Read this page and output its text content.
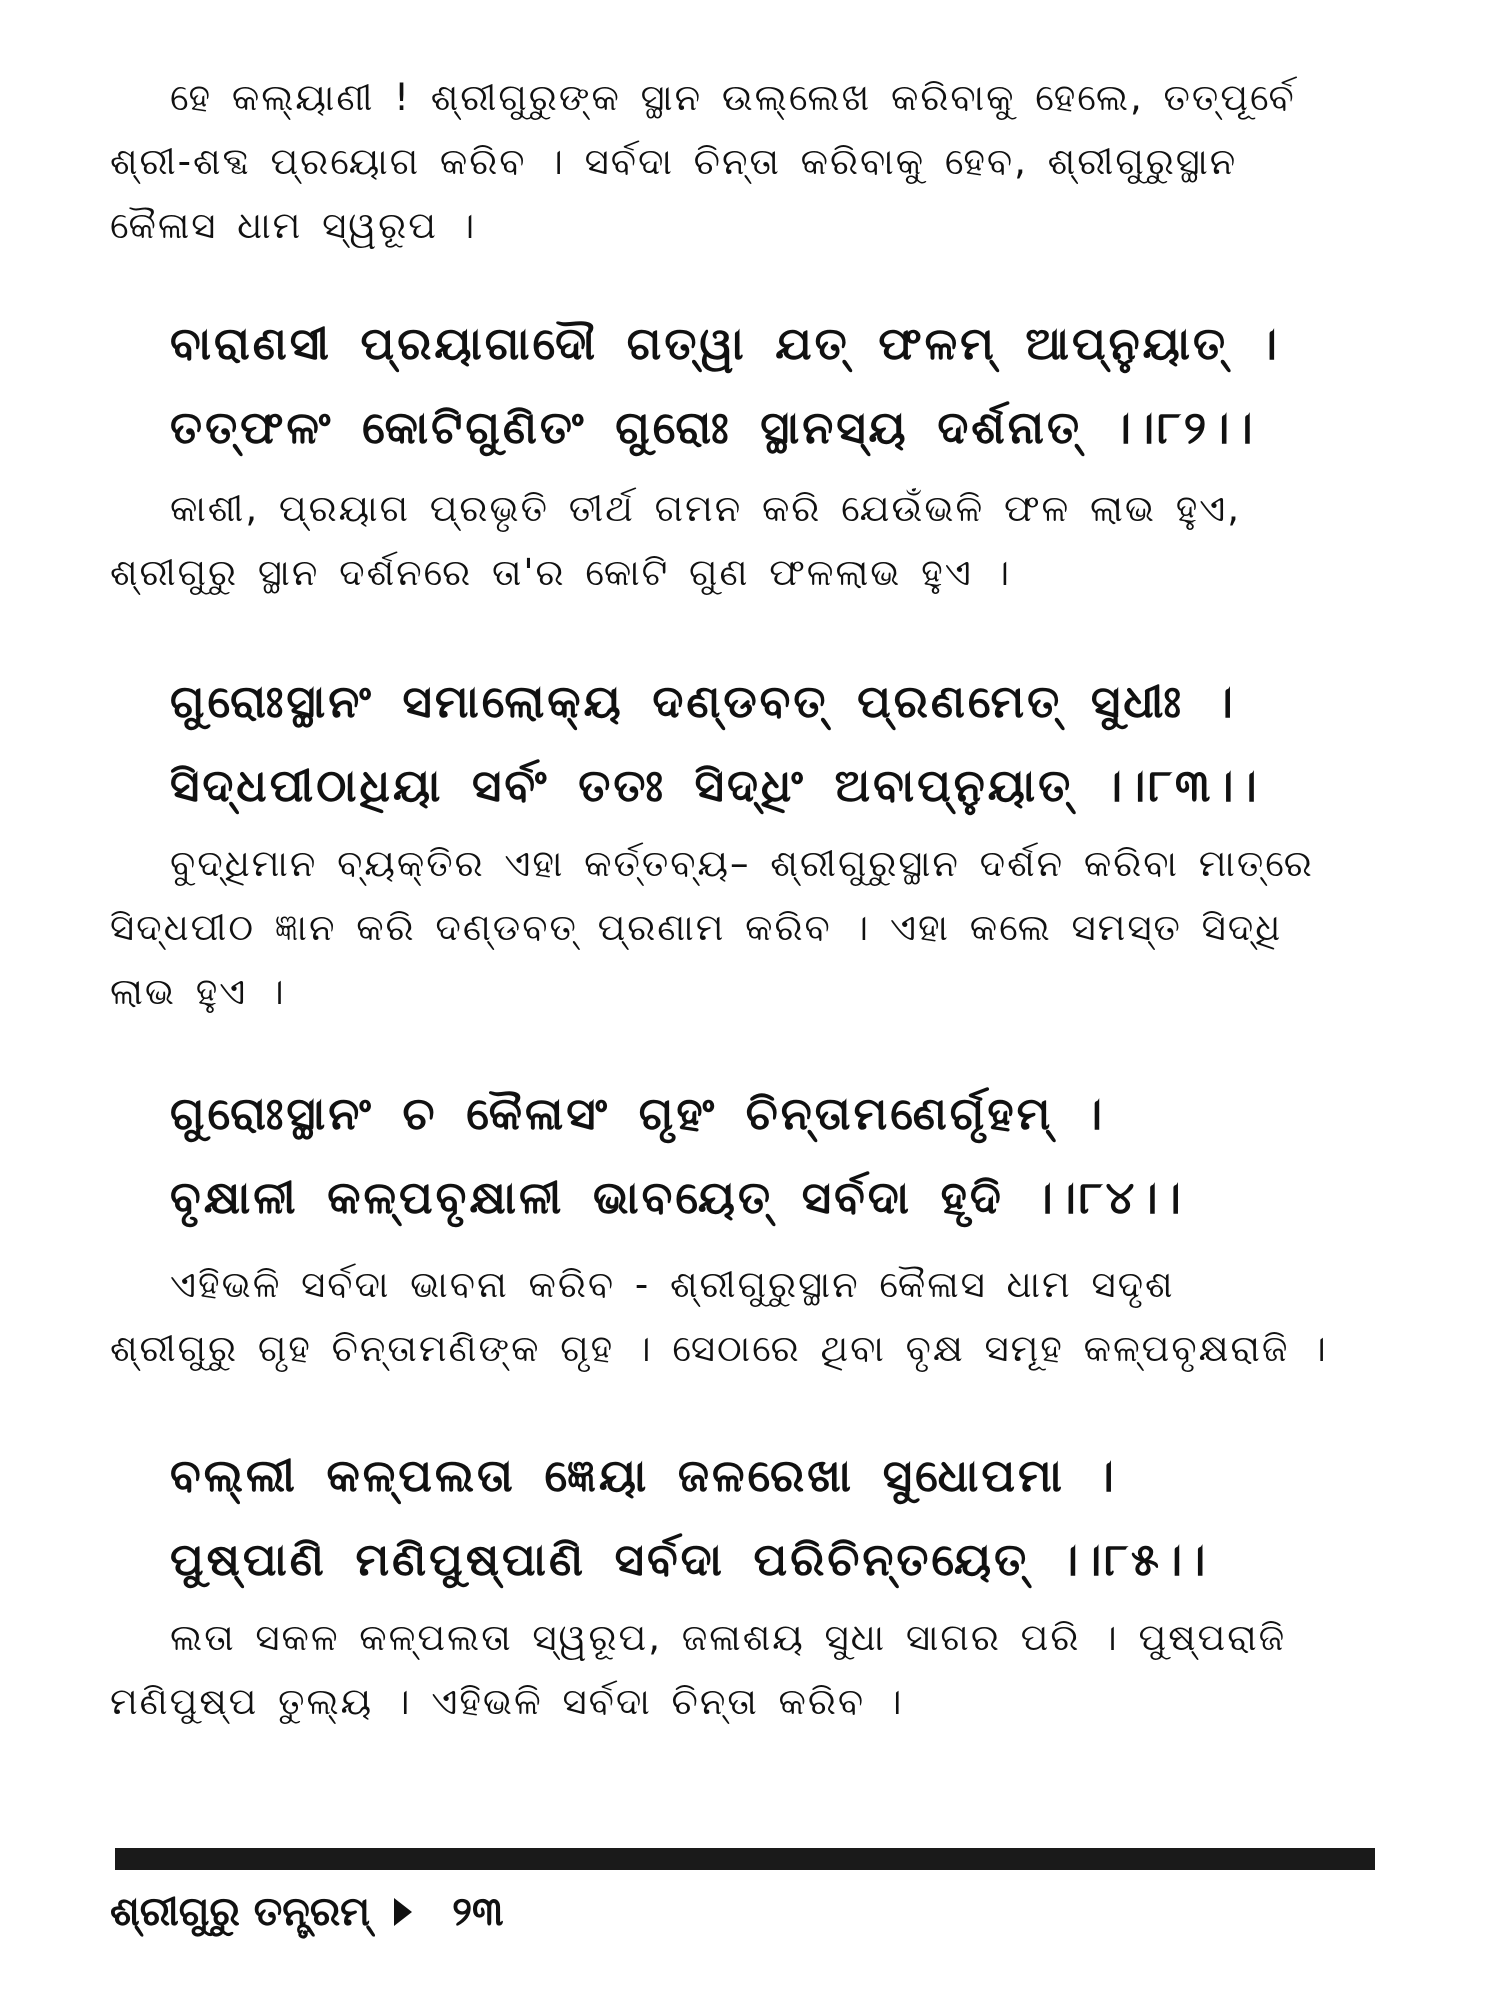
ହେ କଲ୍ୟାଣୀ ! ଶ୍ରୀଗୁରୁଙ୍କ ସ୍ଥାନ ଉଲ୍ଲେଖ କରିବାକୁ ହେଲେ, ତତ୍‌ପୂର୍ବେ
ଶ୍ରୀ-ଶବ୍ଦ ପ୍ରୟୋଗ କରିବ । ସର୍ବଦା ଚିନ୍ତା କରିବାକୁ ହେବ, ଶ୍ରୀଗୁରୁସ୍ଥାନ
କୈଳାସ ଧାମ ସ୍ୱରୂପ ।
ବାରାଣସୀ ପ୍ରୟାଗାଦୌ ଗତ୍ୱା ଯତ୍ ଫଳମ୍ ଆପ୍ନୁୟାତ୍ ।
ତତ୍‌ଫଳଂ କୋଟିଗୁଣିତଂ ଗୁରୋଃ ସ୍ଥାନସ୍ୟ ଦର୍ଶନାତ୍ ।।୮୨।।
କାଶୀ, ପ୍ରୟାଗ ପ୍ରଭୃତି ତୀର୍ଥ ଗମନ କରି ଯେଉଁଭଳି ଫଳ ଲାଭ ହୁଏ,
ଶ୍ରୀଗୁରୁ ସ୍ଥାନ ଦର୍ଶନରେ ତା'ର କୋଟି ଗୁଣ ଫଳଲାଭ ହୁଏ ।
ଗୁରୋଃସ୍ଥାନଂ ସମାଲୋକ୍ୟ ଦଣ୍ଡବତ୍ ପ୍ରଣମେତ୍ ସୁଧୀଃ ।
ସିଦ୍ଧପୀଠାଧିୟା ସର୍ବଂ ତତଃ ସିଦ୍ଧିଂ ଅବାପ୍ନୁୟାତ୍ ।।୮୩।।
ବୁଦ୍ଧିମାନ ବ୍ୟକ୍ତିର ଏହା କର୍ତ୍ତବ୍ୟ– ଶ୍ରୀଗୁରୁସ୍ଥାନ ଦର୍ଶନ କରିବା ମାତ୍ରେ
ସିଦ୍ଧପୀଠ ଜ୍ଞାନ କରି ଦଣ୍ଡବତ୍ ପ୍ରଣାମ କରିବ । ଏହା କଲେ ସମସ୍ତ ସିଦ୍ଧି
ଲାଭ ହୁଏ ।
ଗୁରୋଃସ୍ଥାନଂ ଚ କୈଳାସଂ ଗୃହଂ ଚିନ୍ତାମଣେର୍ଗୃହମ୍ ।
ବୃକ୍ଷାଳୀ କଳ୍ପବୃକ୍ଷାଳୀ ଭାବୟେତ୍ ସର୍ବଦା ହୃଦି ।।୮୪।।
ଏହିଭଳି ସର୍ବଦା ଭାବନା କରିବ - ଶ୍ରୀଗୁରୁସ୍ଥାନ କୈଳାସ ଧାମ ସଦୃଶ
ଶ୍ରୀଗୁରୁ ଗୃହ ଚିନ୍ତାମଣିଙ୍କ ଗୃହ । ସେଠାରେ ଥିବା ବୃକ୍ଷ ସମୂହ କଳ୍ପବୃକ୍ଷରାଜି ।
ବଲ୍ଲୀ କଳ୍ପଲତା ଜ୍ଞେୟା ଜଳରେଖା ସୁଧୋପମା ।
ପୁଷ୍ପାଣି ମଣିପୁଷ୍ପାଣି ସର୍ବଦା ପରିଚିନ୍ତୟେତ୍ ।।୮୫।।
ଲତା ସକଳ କଳ୍ପଲତା ସ୍ୱରୂପ, ଜଳାଶୟ ସୁଧା ସାଗର ପରି । ପୁଷ୍ପରାଜି
ମଣିପୁଷ୍ପ ତୁଲ୍ୟ । ଏହିଭଳି ସର୍ବଦା ଚିନ୍ତା କରିବ ।
ଶ୍ରୀଗୁରୁ ତନ୍ତ୍ରମ୍ ୨୩
